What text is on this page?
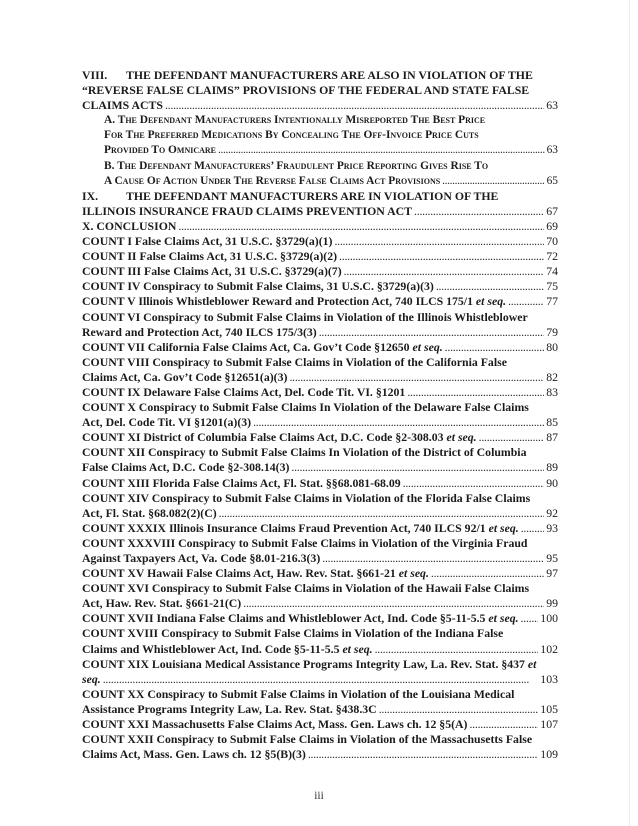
VIII.	THE DEFENDANT MANUFACTURERS ARE ALSO IN VIOLATION OF THE
“REVERSE FALSE CLAIMS” PROVISIONS OF THE FEDERAL AND STATE FALSE
CLAIMS ACTS . . .	63
A. The Defendant Manufacturers Intentionally Misreported The Best Price
For The Preferred Medications By Concealing The Off-Invoice Price Cuts
Provided To Omnicare . . .	63
B. The Defendant Manufacturers’ Fraudulent Price Reporting Gives Rise To
A Cause Of Action Under The Reverse False Claims Act Provisions . . .	65
IX.	THE DEFENDANT MANUFACTURERS ARE IN VIOLATION OF THE
ILLINOIS INSURANCE FRAUD CLAIMS PREVENTION ACT . . .	67
X. CONCLUSION . . .	69
COUNT I False Claims Act, 31 U.S.C. §3729(a)(1) . . .	70
COUNT II False Claims Act, 31 U.S.C. §3729(a)(2) . . .	72
COUNT III False Claims Act, 31 U.S.C. §3729(a)(7) . . .	74
COUNT IV Conspiracy to Submit False Claims, 31 U.S.C. §3729(a)(3) . . .	75
COUNT V Illinois Whistleblower Reward and Protection Act, 740 ILCS 175/1 et seq. . . .	77
COUNT VI Conspiracy to Submit False Claims in Violation of the Illinois Whistleblower
Reward and Protection Act, 740 ILCS 175/3(3) . . .	79
COUNT VII California False Claims Act, Ca. Gov’t Code §12650 et seq. . . .	80
COUNT VIII Conspiracy to Submit False Claims in Violation of the California False
Claims Act, Ca. Gov’t Code §12651(a)(3) . . .	82
COUNT IX Delaware False Claims Act, Del. Code Tit. VI. §1201 . . .	83
COUNT X Conspiracy to Submit False Claims In Violation of the Delaware False Claims
Act, Del. Code Tit. VI §1201(a)(3) . . .	85
COUNT XI District of Columbia False Claims Act, D.C. Code §2-308.03 et seq. . . .	87
COUNT XII Conspiracy to Submit False Claims In Violation of the District of Columbia
False Claims Act, D.C. Code §2-308.14(3) . . .	89
COUNT XIII Florida False Claims Act, Fl. Stat. §§68.081-68.09 . . .	90
COUNT XIV Conspiracy to Submit False Claims in Violation of the Florida False Claims
Act, Fl. Stat. §68.082(2)(C) . . .	92
COUNT XXXIX Illinois Insurance Claims Fraud Prevention Act, 740 ILCS 92/1 et seq. . . . 93
COUNT XXXVIII Conspiracy to Submit False Claims in Violation of the Virginia Fraud
Against Taxpayers Act, Va. Code §8.01-216.3(3) . . .	95
COUNT XV Hawaii False Claims Act, Haw. Rev. Stat. §661-21 et seq. . . .	97
COUNT XVI Conspiracy to Submit False Claims in Violation of the Hawaii False Claims
Act, Haw. Rev. Stat. §661-21(C) . . .	99
COUNT XVII Indiana False Claims and Whistleblower Act, Ind. Code §5-11-5.5 et seq. . . . 100
COUNT XVIII Conspiracy to Submit False Claims in Violation of the Indiana False
Claims and Whistleblower Act, Ind. Code §5-11-5.5 et seq. . . .	102
COUNT XIX Louisiana Medical Assistance Programs Integrity Law, La. Rev. Stat. §437 et
seq. . . .	103
COUNT XX Conspiracy to Submit False Claims in Violation of the Louisiana Medical
Assistance Programs Integrity Law, La. Rev. Stat. §438.3C . . .	105
COUNT XXI Massachusetts False Claims Act, Mass. Gen. Laws ch. 12 §5(A) . . .	107
COUNT XXII Conspiracy to Submit False Claims in Violation of the Massachusetts False
Claims Act, Mass. Gen. Laws ch. 12 §5(B)(3) . . .	109
iii
